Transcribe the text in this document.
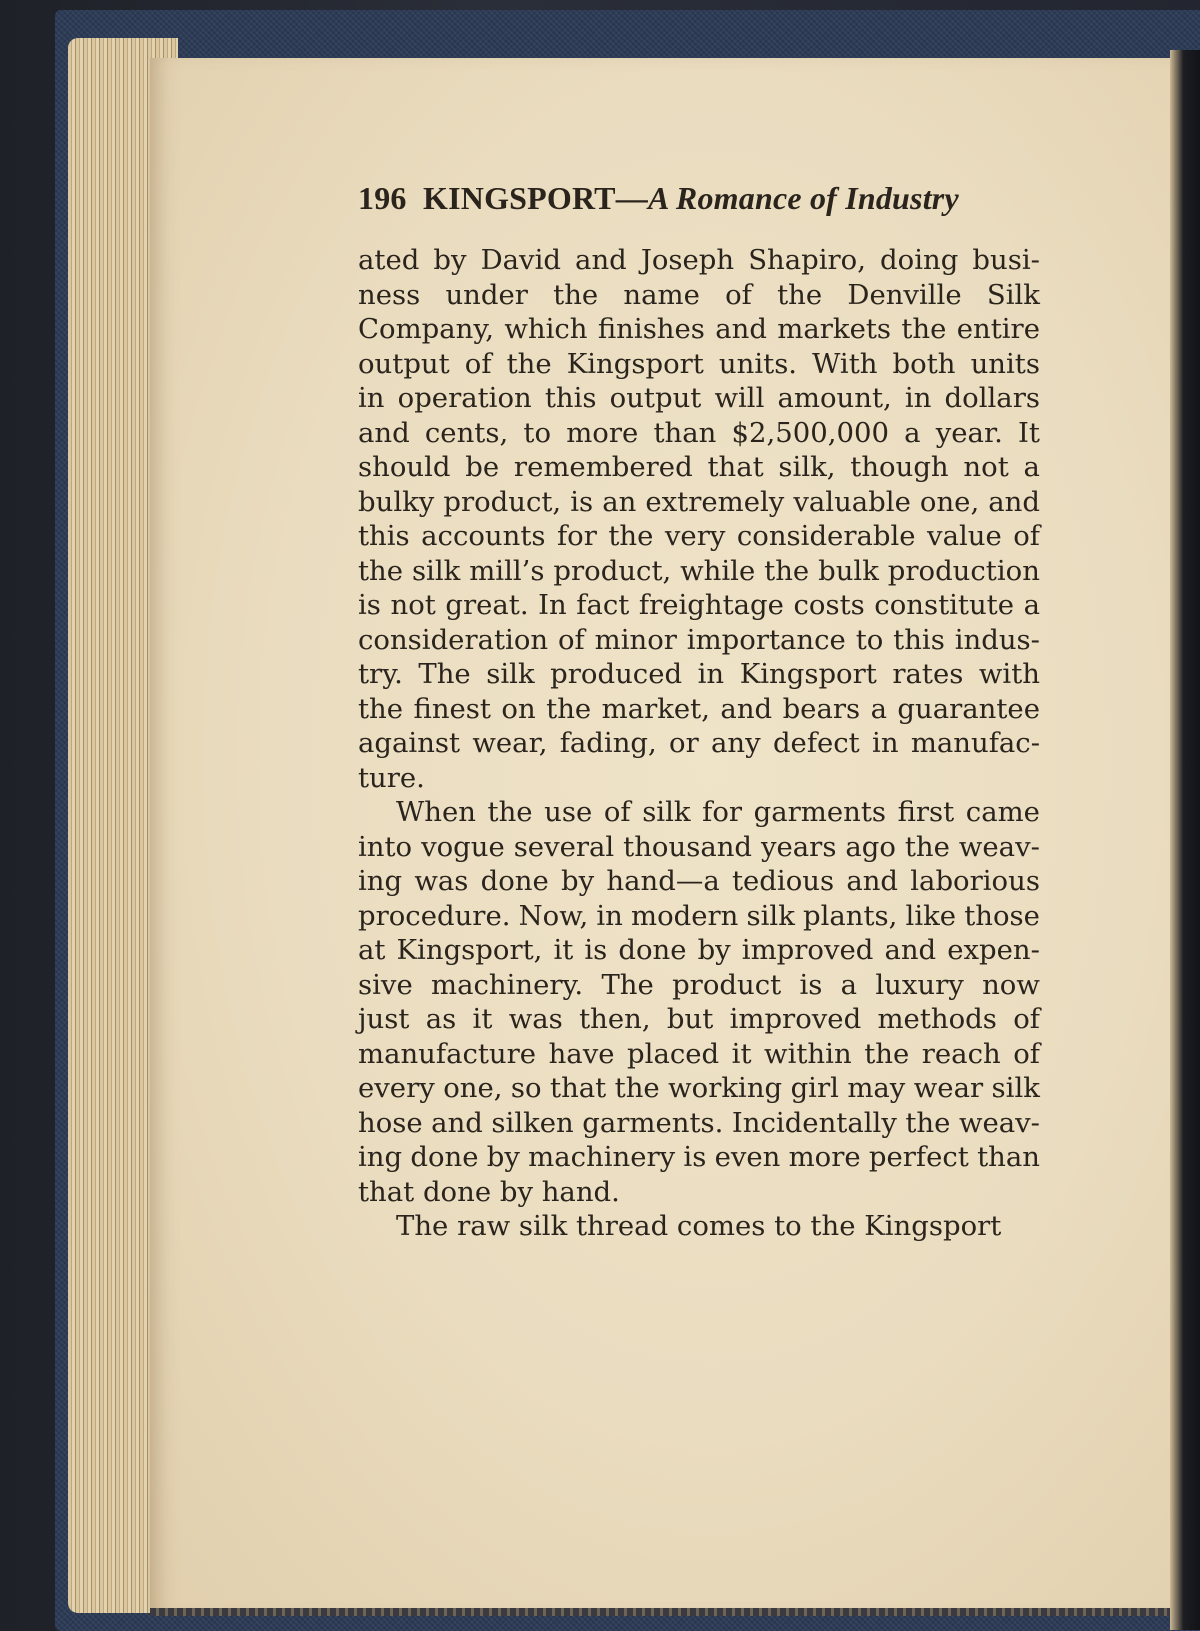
196 KINGSPORT—A Romance of Industry
ated by David and Joseph Shapiro, doing busi-
ness under the name of the Denville Silk
Company, which finishes and markets the entire
output of the Kingsport units. With both units
in operation this output will amount, in dollars
and cents, to more than $2,500,000 a year. It
should be remembered that silk, though not a
bulky product, is an extremely valuable one, and
this accounts for the very considerable value of
the silk mill’s product, while the bulk production
is not great. In fact freightage costs constitute a
consideration of minor importance to this indus-
try. The silk produced in Kingsport rates with
the finest on the market, and bears a guarantee
against wear, fading, or any defect in manufac-
ture.
When the use of silk for garments first came
into vogue several thousand years ago the weav-
ing was done by hand—a tedious and laborious
procedure. Now, in modern silk plants, like those
at Kingsport, it is done by improved and expen-
sive machinery. The product is a luxury now
just as it was then, but improved methods of
manufacture have placed it within the reach of
every one, so that the working girl may wear silk
hose and silken garments. Incidentally the weav-
ing done by machinery is even more perfect than
that done by hand.
The raw silk thread comes to the Kingsport
